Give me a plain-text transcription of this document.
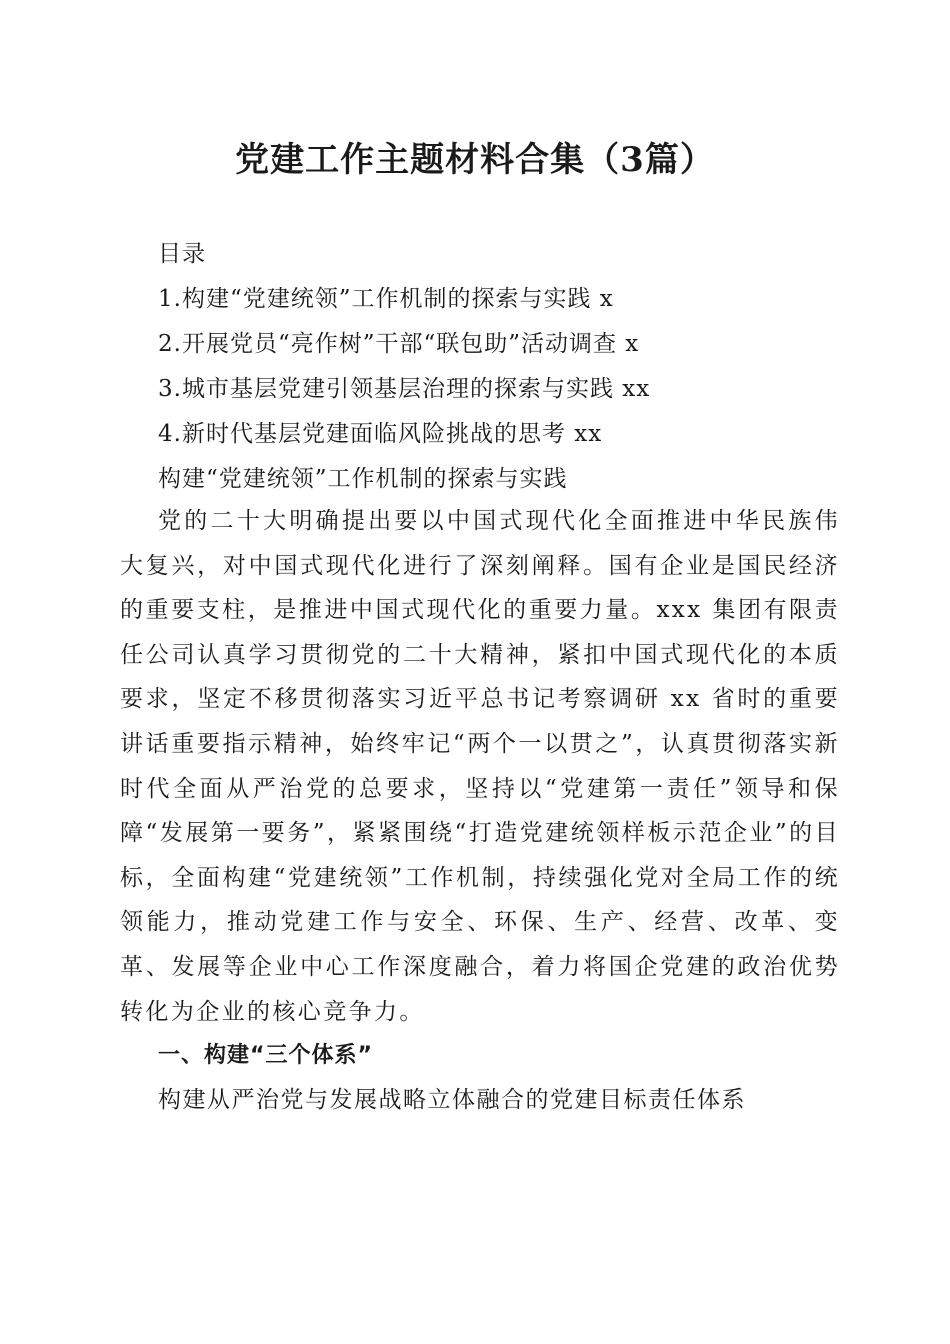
党建工作主题材料合集（3篇）
目录
1.构建“党建统领”工作机制的探索与实践 x
2.开展党员“亮作树”干部“联包助”活动调查 x
3.城市基层党建引领基层治理的探索与实践 xx
4.新时代基层党建面临风险挑战的思考 xx
构建“党建统领”工作机制的探索与实践

党的二十大明确提出要以中国式现代化全面推进中华民族伟大复兴，对中国式现代化进行了深刻阐释。国有企业是国民经济的重要支柱，是推进中国式现代化的重要力量。xxx 集团有限责任公司认真学习贯彻党的二十大精神，紧扣中国式现代化的本质要求，坚定不移贯彻落实习近平总书记考察调研 xx 省时的重要讲话重要指示精神，始终牢记“两个一以贯之”，认真贯彻落实新时代全面从严治党的总要求，坚持以“党建第一责任”领导和保障“发展第一要务”，紧紧围绕“打造党建统领样板示范企业”的目标，全面构建“党建统领”工作机制，持续强化党对全局工作的统领能力，推动党建工作与安全、环保、生产、经营、改革、变革、发展等企业中心工作深度融合，着力将国企党建的政治优势转化为企业的核心竞争力。

一、构建“三个体系”

构建从严治党与发展战略立体融合的党建目标责任体系
